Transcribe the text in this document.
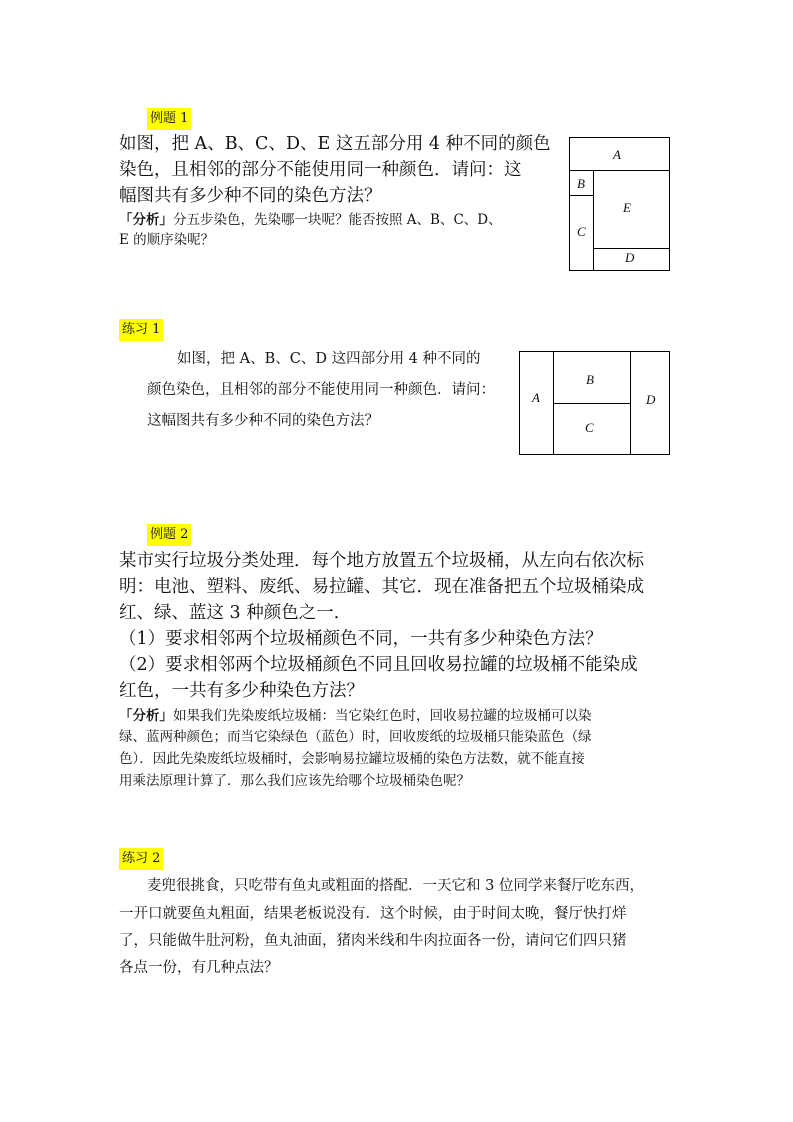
例题 1

如图，把 A、B、C、D、E 这五部分用 4 种不同的颜色

染色，且相邻的部分不能使用同一种颜色．请问：这

幅图共有多少种不同的染色方法？

「分析」分五步染色，先染哪一块呢？能否按照 A、B、C、D、

E 的顺序染呢？

A
B
C
D
E
练习 1

如图，把 A、B、C、D 这四部分用 4 种不同的

颜色染色，且相邻的部分不能使用同一种颜色．请问：

这幅图共有多少种不同的染色方法？

A
B
C
D
例题 2

某市实行垃圾分类处理．每个地方放置五个垃圾桶，从左向右依次标

明：电池、塑料、废纸、易拉罐、其它．现在准备把五个垃圾桶染成

红、绿、蓝这 3 种颜色之一．

（1）要求相邻两个垃圾桶颜色不同，一共有多少种染色方法？

（2）要求相邻两个垃圾桶颜色不同且回收易拉罐的垃圾桶不能染成

红色，一共有多少种染色方法？

「分析」如果我们先染废纸垃圾桶：当它染红色时，回收易拉罐的垃圾桶可以染

绿、蓝两种颜色；而当它染绿色（蓝色）时，回收废纸的垃圾桶只能染蓝色（绿

色）．因此先染废纸垃圾桶时，会影响易拉罐垃圾桶的染色方法数，就不能直接

用乘法原理计算了．那么我们应该先给哪个垃圾桶染色呢？

练习 2

麦兜很挑食，只吃带有鱼丸或粗面的搭配．一天它和 3 位同学来餐厅吃东西，

一开口就要鱼丸粗面，结果老板说没有．这个时候，由于时间太晚，餐厅快打烊

了，只能做牛肚河粉，鱼丸油面，猪肉米线和牛肉拉面各一份，请问它们四只猪

各点一份，有几种点法？
